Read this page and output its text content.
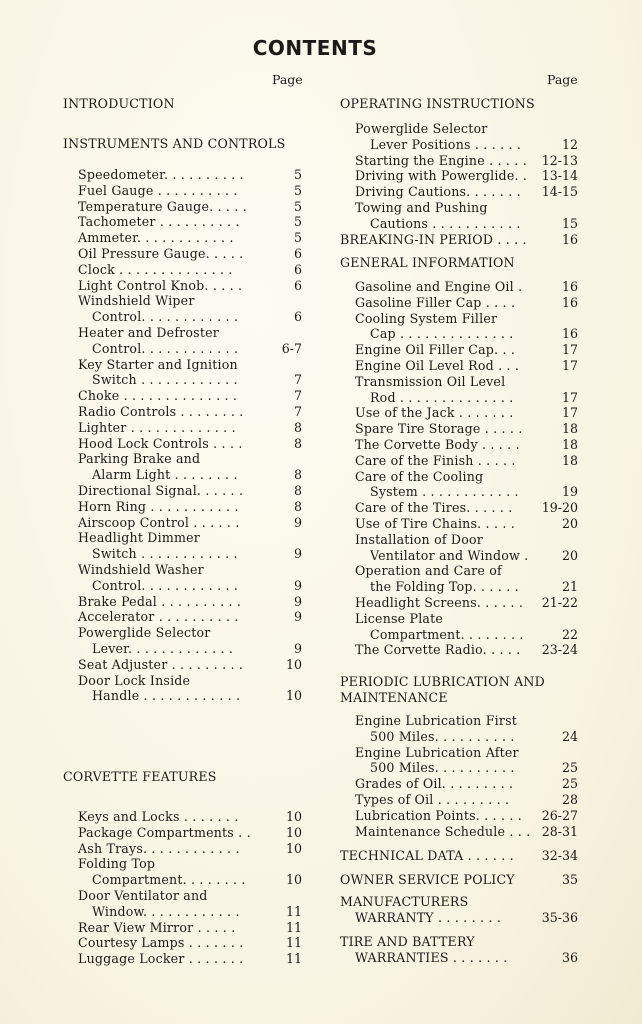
CONTENTS
Page	Page
INTRODUCTION
INSTRUMENTS AND CONTROLS
Speedometer. . . . . . . . . .	5
Fuel Gauge . . . . . . . . . .	5
Temperature Gauge. . . . .	5
Tachometer . . . . . . . . . .	5
Ammeter. . . . . . . . . . . .	5
Oil Pressure Gauge. . . . .	6
Clock . . . . . . . . . . . . . .	6
Light Control Knob. . . . .	6
Windshield Wiper
Control. . . . . . . . . . . .	6
Heater and Defroster
Control. . . . . . . . . . . .	6-7
Key Starter and Ignition
Switch . . . . . . . . . . . .	7
Choke . . . . . . . . . . . . . .	7
Radio Controls . . . . . . . .	7
Lighter . . . . . . . . . . . . .	8
Hood Lock Controls . . . .	8
Parking Brake and
Alarm Light . . . . . . . .	8
Directional Signal. . . . . .	8
Horn Ring . . . . . . . . . . .	8
Airscoop Control . . . . . .	9
Headlight Dimmer
Switch . . . . . . . . . . . .	9
Windshield Washer
Control. . . . . . . . . . . .	9
Brake Pedal . . . . . . . . . .	9
Accelerator . . . . . . . . . .	9
Powerglide Selector
Lever. . . . . . . . . . . . .	9
Seat Adjuster . . . . . . . . .	10
Door Lock Inside
Handle . . . . . . . . . . . .	10
CORVETTE FEATURES
Keys and Locks . . . . . . .	10
Package Compartments . .	10
Ash Trays. . . . . . . . . . . .	10
Folding Top
Compartment. . . . . . . .	10
Door Ventilator and
Window. . . . . . . . . . . .	11
Rear View Mirror . . . . .	11
Courtesy Lamps . . . . . . .	11
Luggage Locker . . . . . . .	11
OPERATING INSTRUCTIONS
Powerglide Selector
Lever Positions . . . . . .	12
Starting the Engine . . . . .	12-13
Driving with Powerglide. .	13-14
Driving Cautions. . . . . . .	14-15
Towing and Pushing
Cautions . . . . . . . . . . .	15
BREAKING-IN PERIOD . . . .	16
GENERAL INFORMATION
Gasoline and Engine Oil .	16
Gasoline Filler Cap . . . .	16
Cooling System Filler
Cap . . . . . . . . . . . . . .	16
Engine Oil Filler Cap. . .	17
Engine Oil Level Rod . . .	17
Transmission Oil Level
Rod . . . . . . . . . . . . . .	17
Use of the Jack . . . . . . .	17
Spare Tire Storage . . . . .	18
The Corvette Body . . . . .	18
Care of the Finish . . . . .	18
Care of the Cooling
System . . . . . . . . . . . .	19
Care of the Tires. . . . . .	19-20
Use of Tire Chains. . . . .	20
Installation of Door
Ventilator and Window .	20
Operation and Care of
the Folding Top. . . . . .	21
Headlight Screens. . . . . .	21-22
License Plate
Compartment. . . . . . . .	22
The Corvette Radio. . . . .	23-24
PERIODIC LUBRICATION AND
MAINTENANCE
Engine Lubrication First
500 Miles. . . . . . . . . .	24
Engine Lubrication After
500 Miles. . . . . . . . . .	25
Grades of Oil. . . . . . . . .	25
Types of Oil . . . . . . . . .	28
Lubrication Points. . . . . .	26-27
Maintenance Schedule . . . 28-31
TECHNICAL DATA . . . . . .	32-34
OWNER SERVICE POLICY	35
MANUFACTURERS
WARRANTY . . . . . . . .	35-36
TIRE AND BATTERY
WARRANTIES . . . . . . .	36
